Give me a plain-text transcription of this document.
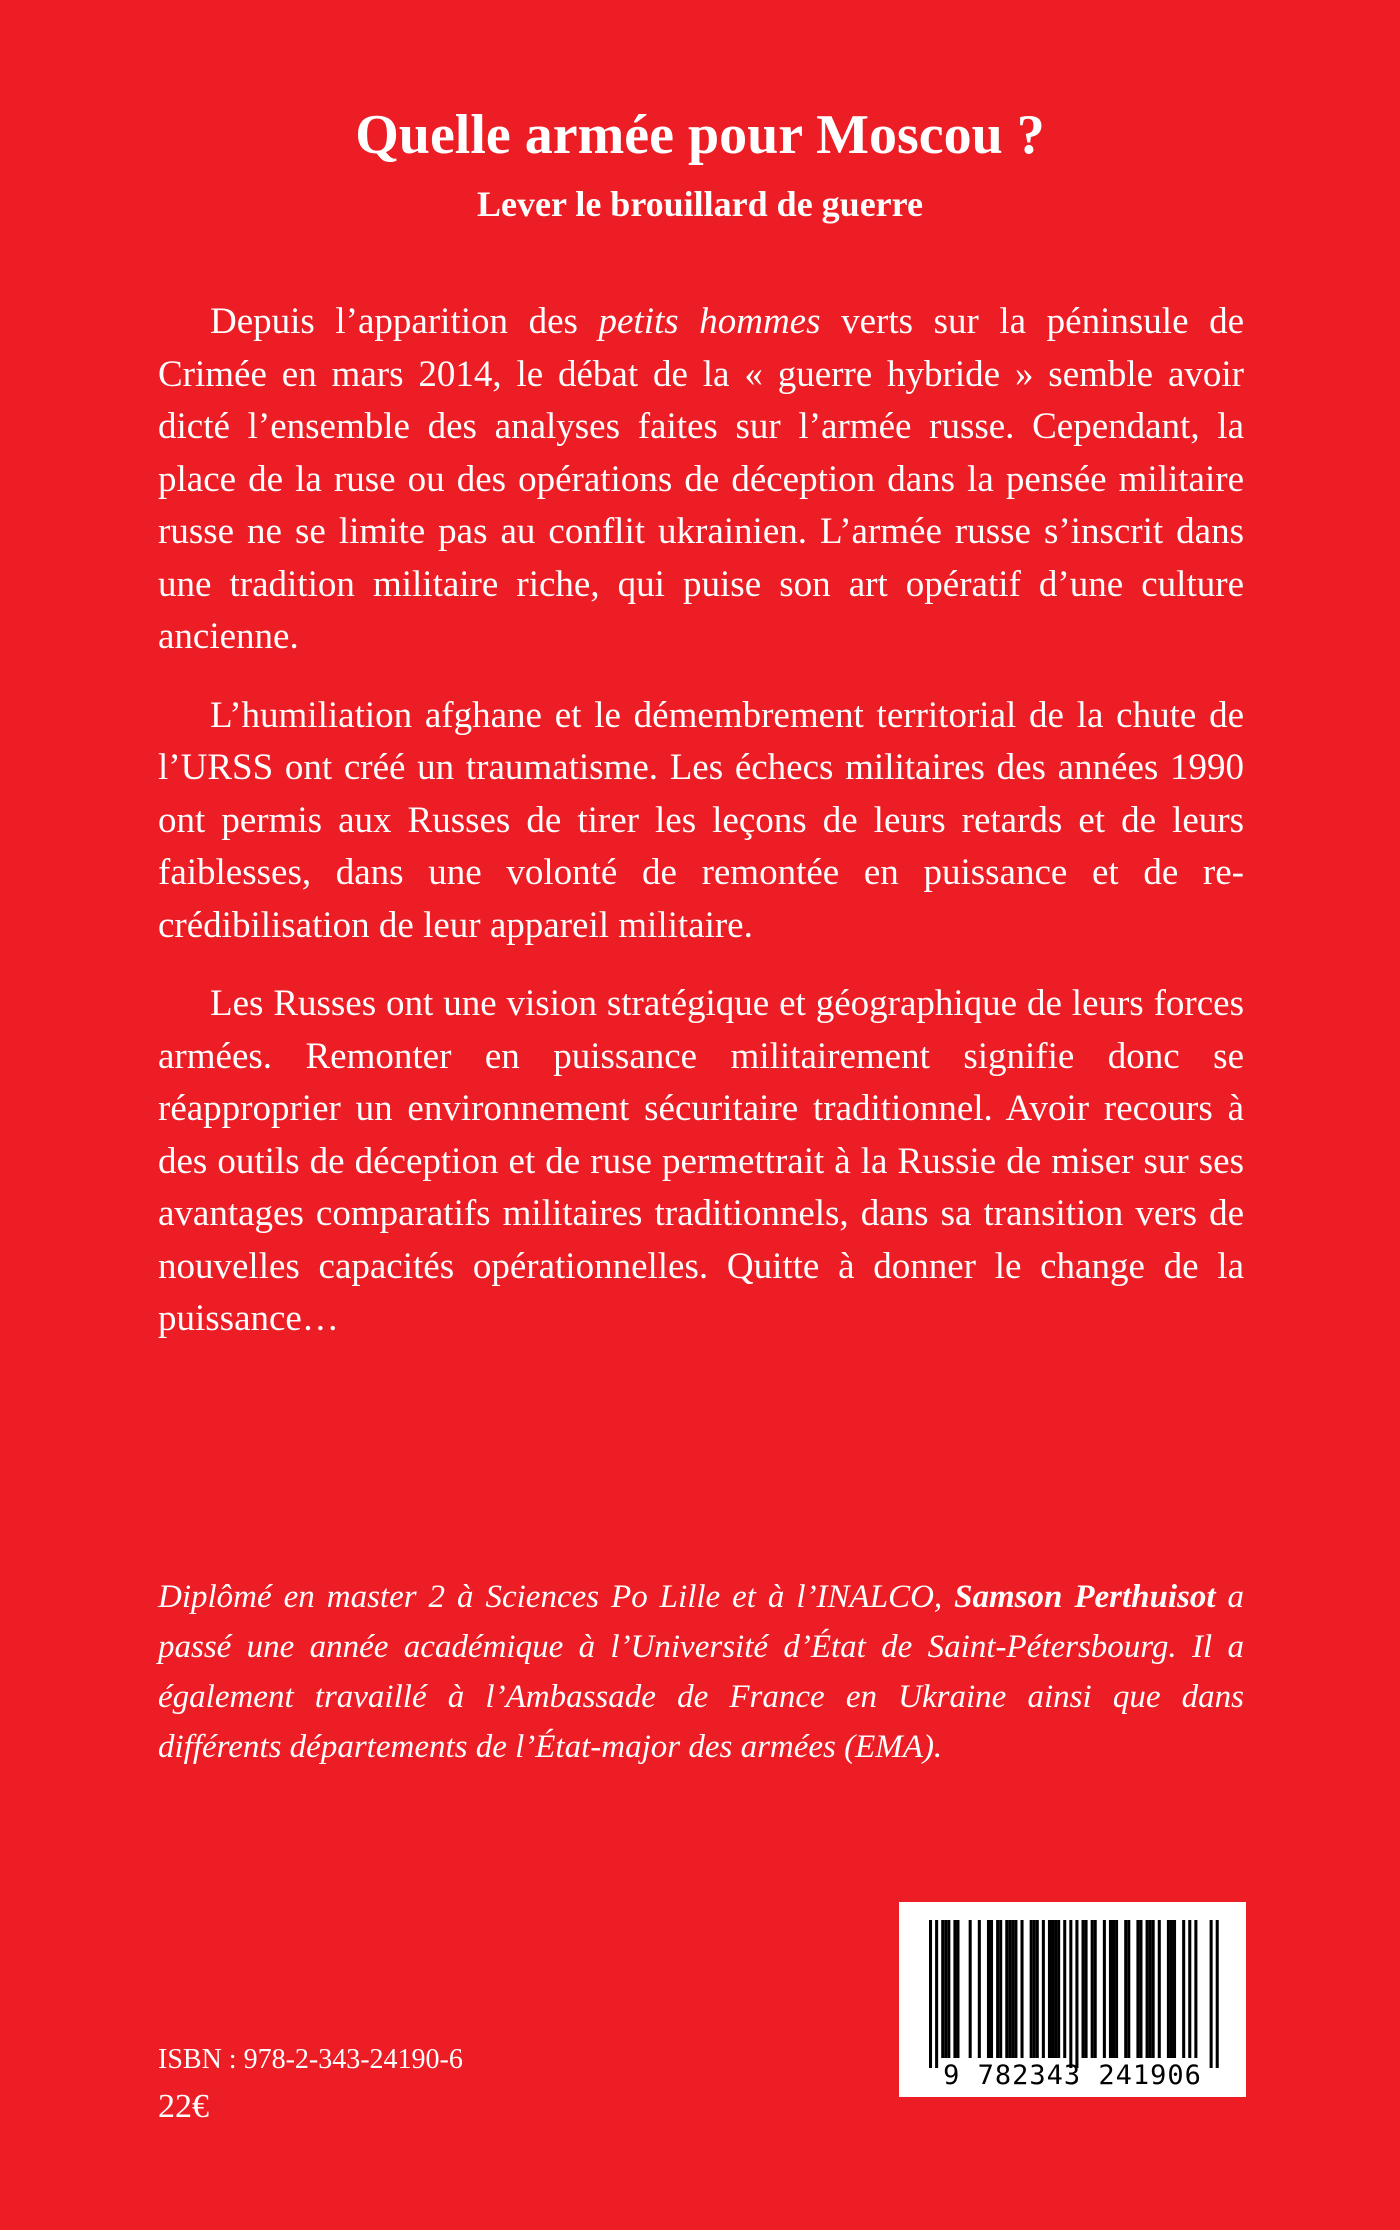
Quelle armée pour Moscou ?
Lever le brouillard de guerre

Depuis l’apparition des petits hommes verts sur la péninsule de Crimée en mars 2014, le débat de la « guerre hybride » semble avoir dicté l’ensemble des analyses faites sur l’armée russe. Cependant, la place de la ruse ou des opérations de déception dans la pensée militaire russe ne se limite pas au conflit ukrainien. L’armée russe s’inscrit dans une tradition militaire riche, qui puise son art opératif d’une culture ancienne.

L’humiliation afghane et le démembrement territorial de la chute de l’URSS ont créé un traumatisme. Les échecs militaires des années 1990 ont permis aux Russes de tirer les leçons de leurs retards et de leurs faiblesses, dans une volonté de remontée en puissance et de re-crédibilisation de leur appareil militaire.

Les Russes ont une vision stratégique et géographique de leurs forces armées. Remonter en puissance militairement signifie donc se réapproprier un environnement sécuritaire traditionnel. Avoir recours à des outils de déception et de ruse permettrait à la Russie de miser sur ses avantages comparatifs militaires traditionnels, dans sa transition vers de nouvelles capacités opérationnelles. Quitte à donner le change de la puissance…

Diplômé en master 2 à Sciences Po Lille et à l’INALCO, Samson Perthuisot a passé une année académique à l’Université d’État de Saint-Pétersbourg. Il a également travaillé à l’Ambassade de France en Ukraine ainsi que dans différents départements de l’État-major des armées (EMA).

ISBN : 978-2-343-24190-6
22€
9 782343 241906
